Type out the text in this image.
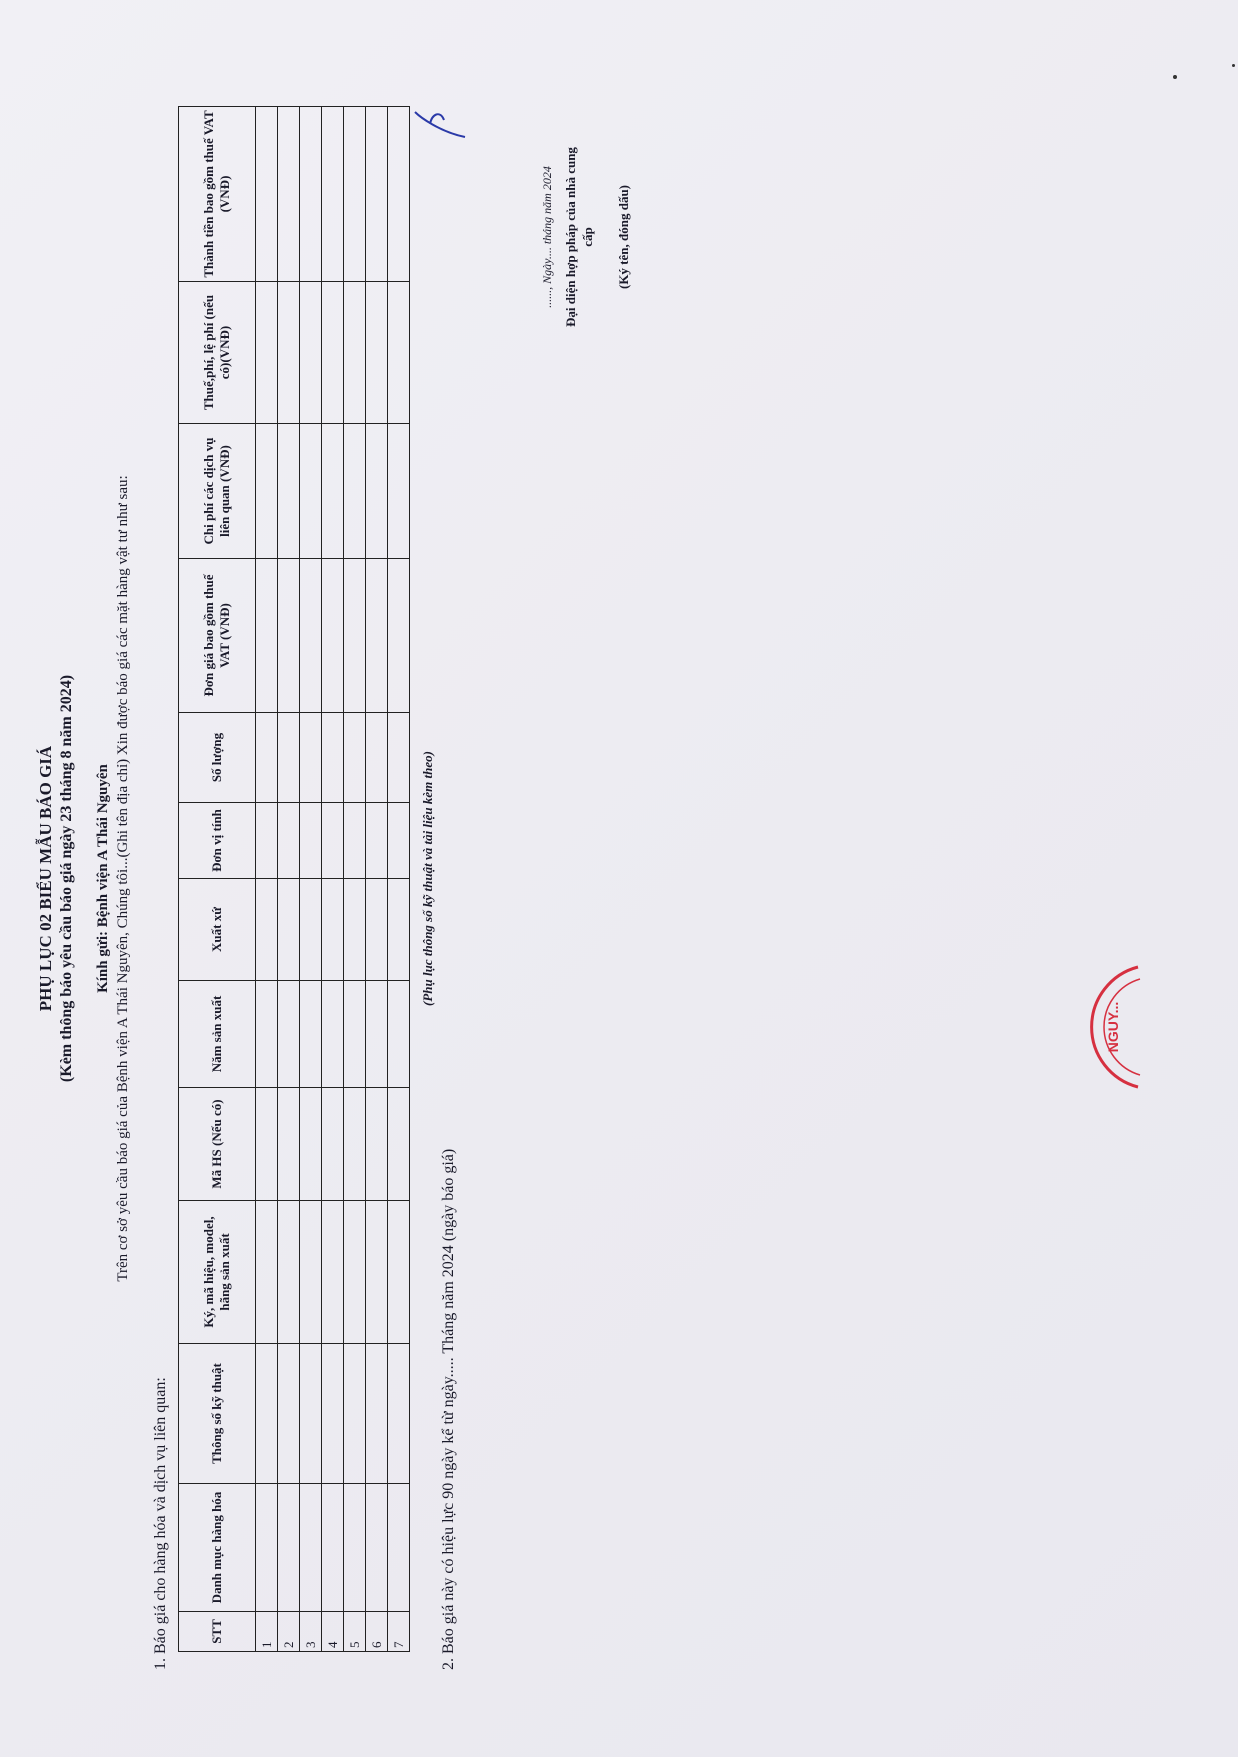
PHỤ LỤC 02 BIỂU MẪU BÁO GIÁ (Kèm thông báo yêu cầu báo giá ngày 23 tháng 8 năm 2024) Kính gửi: Bệnh viện A Thái Nguyên Trên cơ sở yêu cầu báo giá của Bệnh viện A Thái Nguyên, Chúng tôi...(Ghi tên địa chỉ) Xin được báo giá các mặt hàng vật tư như sau:
1. Báo giá cho hàng hóa và dịch vụ liên quan:	STT	Danh mục hàng hóa	Thông số kỹ thuật	Ký, mã hiệu, model, hãng sản xuất	Mã HS (Nếu có)	Năm sản xuất	Xuất xứ	Đơn vị tính	Số lượng	Đơn giá bao gồm thuế VAT (VNĐ)	Chi phí các dịch vụ liên quan (VNĐ)	Thuế,phí, lệ phí (nếu có)(VNĐ)	Thành tiền bao gồm thuế VAT (VNĐ)
1												
2												
3												
4												
5												
6												
7												
(Phụ lục thông số kỹ thuật và tài liệu kèm theo)
2. Báo giá này có hiệu lực 90 ngày kể từ ngày..... Tháng năm 2024 (ngày báo giá)
......, Ngày.... tháng năm 2024 Đại diện hợp pháp của nhà cung cấp (Ký tên, đóng dấu)
NGUY...
